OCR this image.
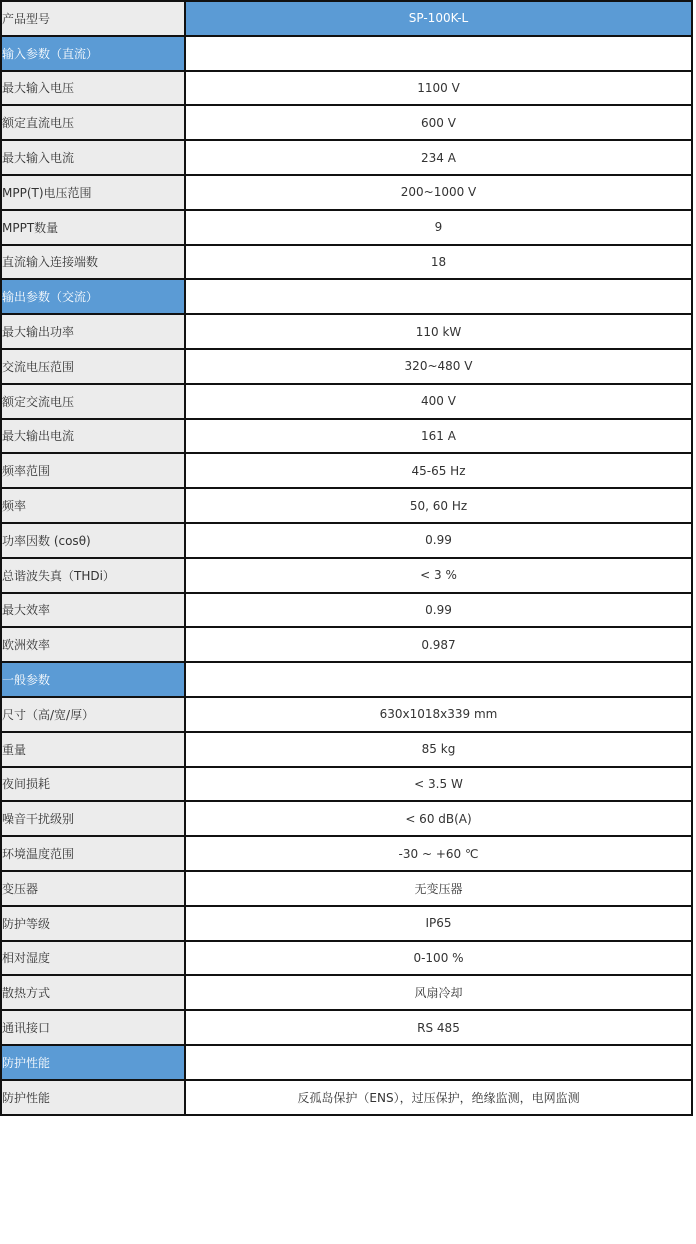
产品型号	SP-100K-L
输入参数（直流）	
最大输入电压	1100 V
额定直流电压	600 V
最大输入电流	234 A
MPP(T)电压范围	200~1000 V
MPPT数量	9
直流输入连接端数	18
输出参数（交流）	
最大输出功率	110 kW
交流电压范围	320~480 V
额定交流电压	400 V
最大输出电流	161 A
频率范围	45-65 Hz
频率	50, 60 Hz
功率因数 (cosθ)	0.99
总谐波失真（THDi）	< 3 %
最大效率	0.99
欧洲效率	0.987
一般参数	
尺寸（高/宽/厚）	630x1018x339 mm
重量	85 kg
夜间损耗	< 3.5 W
噪音干扰级别	< 60 dB(A)
环境温度范围	-30 ~ +60 ℃
变压器	无变压器
防护等级	IP65
相对湿度	0-100 %
散热方式	风扇冷却
通讯接口	RS 485
防护性能	
防护性能	反孤岛保护（ENS），过压保护，绝缘监测，电网监测
